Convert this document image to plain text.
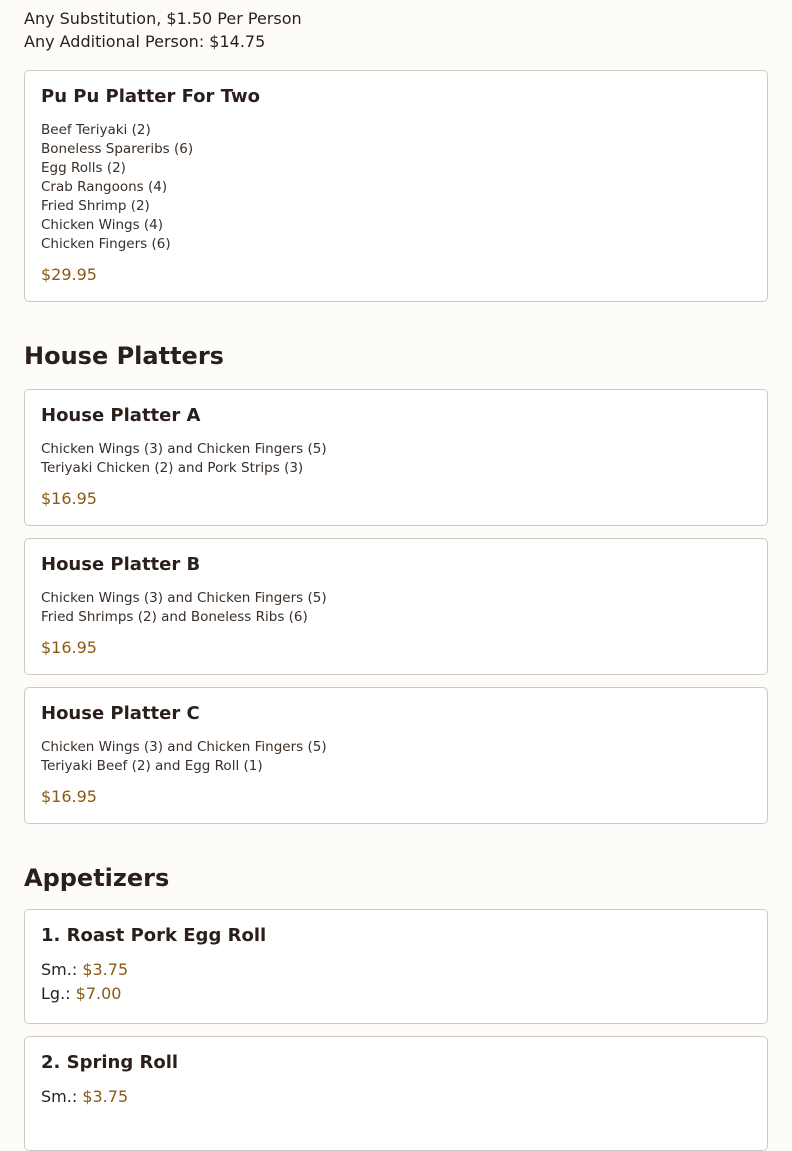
Any Substitution, $1.50 Per Person

Any Additional Person: $14.75

Pu Pu Platter For Two

Beef Teriyaki (2)

Boneless Spareribs (6)

Egg Rolls (2)

Crab Rangoons (4)

Fried Shrimp (2)

Chicken Wings (4)

Chicken Fingers (6)

$29.95
House Platters
House Platter A

Chicken Wings (3) and Chicken Fingers (5)

Teriyaki Chicken (2) and Pork Strips (3)

$16.95
House Platter B

Chicken Wings (3) and Chicken Fingers (5)

Fried Shrimps (2) and Boneless Ribs (6)

$16.95
House Platter C

Chicken Wings (3) and Chicken Fingers (5)

Teriyaki Beef (2) and Egg Roll (1)

$16.95
Appetizers
1. Roast Pork Egg Roll

Sm.: $3.75

Lg.: $7.00

2. Spring Roll

Sm.: $3.75
